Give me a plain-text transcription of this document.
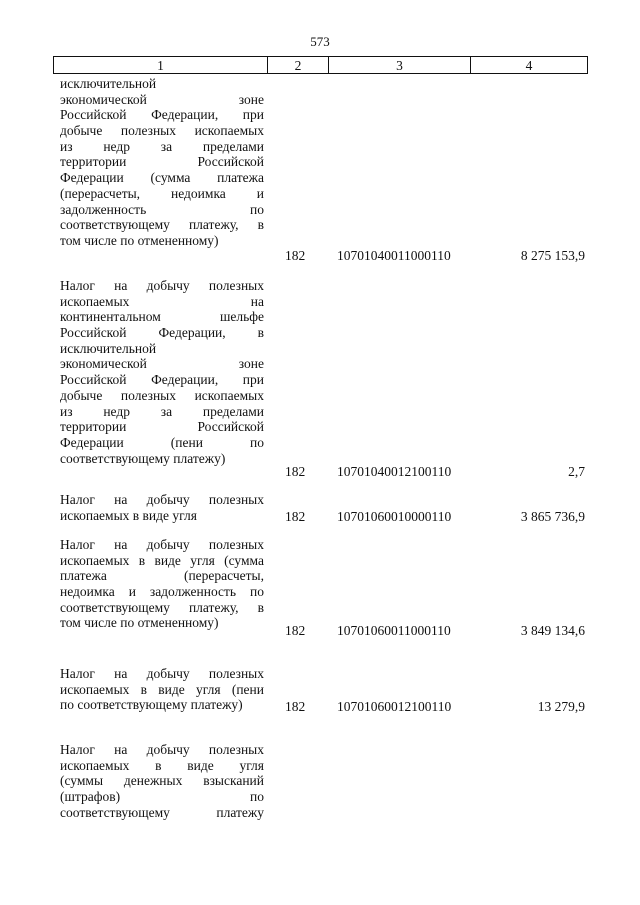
573
1	2	3	4
исключительной
экономической зоне
Российской Федерации, при
добыче полезных ископаемых
из недр за пределами
территории Российской
Федерации (сумма платежа
(перерасчеты, недоимка и
задолженность по
соответствующему платежу, в
том числе по отмененному)
182	10701040011000110	8 275 153,9
Налог на добычу полезных
ископаемых на
континентальном шельфе
Российской Федерации, в
исключительной
экономической зоне
Российской Федерации, при
добыче полезных ископаемых
из недр за пределами
территории Российской
Федерации (пени по
соответствующему платежу)
182	10701040012100110	2,7
Налог на добычу полезных
ископаемых в виде угля	182	10701060010000110	3 865 736,9
Налог на добычу полезных
ископаемых в виде угля (сумма
платежа (перерасчеты,
недоимка и задолженность по
соответствующему платежу, в
том числе по отмененному)
182	10701060011000110	3 849 134,6
Налог на добычу полезных
ископаемых в виде угля (пени
по соответствующему платежу)	182	10701060012100110	13 279,9
Налог на добычу полезных
ископаемых в виде угля
(суммы денежных взысканий
(штрафов) по
соответствующему платежу
